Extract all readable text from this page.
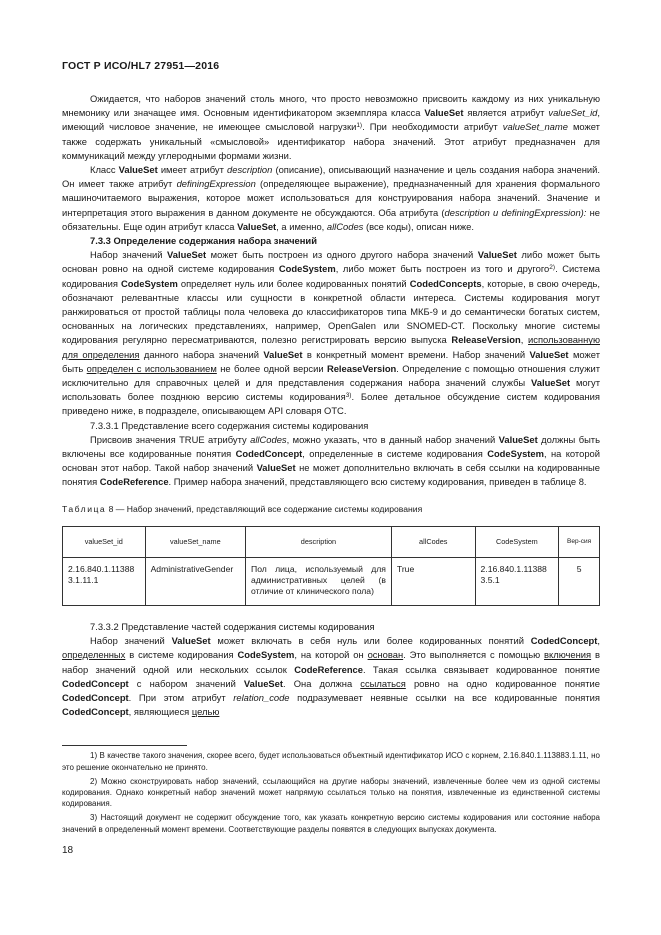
ГОСТ Р ИСО/HL7 27951—2016

Ожидается, что наборов значений столь много, что просто невозможно присвоить каждому из них уникальную мнемонику или значащее имя. Основным идентификатором экземпляра класса ValueSet является атрибут valueSet_id, имеющий числовое значение, не имеющее смысловой нагрузки$^{1)}$. При необходимости атрибут valueSet_name может также содержать уникальный «смысловой» идентификатор набора значений. Этот атрибут предназначен для коммуникаций между углеродными формами жизни.

Класс ValueSet имеет атрибут description (описание), описывающий назначение и цель создания набора значений. Он имеет также атрибут definingExpression (определяющее выражение), предназначенный для хранения формального машиночитаемого выражения, которое может использоваться для конструирования набора значений. Значение и интерпретация этого выражения в данном документе не обсуждаются. Оба атрибута (description и definingExpression): не обязательны. Еще один атрибут класса ValueSet, а именно, allCodes (все коды), описан ниже.

7.3.3 Определение содержания набора значений

Набор значений ValueSet может быть построен из одного другого набора значений ValueSet либо может быть основан ровно на одной системе кодирования CodeSystem, либо может быть построен из того и другого$^{2)}$. Система кодирования CodeSystem определяет нуль или более кодированных понятий CodedConcepts, которые, в свою очередь, обозначают релевантные классы или сущности в конкретной области интереса. Системы кодирования могут ранжироваться от простой таблицы пола человека до классификаторов типа МКБ-9 и до семантически богатых систем, основанных на логических представлениях, например, OpenGalen или SNOMED-CT. Поскольку многие системы кодирования регулярно пересматриваются, полезно регистрировать версию выпуска ReleaseVersion, использованную для определения данного набора значений ValueSet в конкретный момент времени. Набор значений ValueSet может быть определен с использованием не более одной версии ReleaseVersion. Определение с помощью отношения служит исключительно для справочных целей и для представления содержания набора значений службы ValueSet могут использовать более позднюю версию системы кодирования$^{3)}$. Более детальное обсуждение систем кодирования приведено ниже, в подразделе, описывающем API словаря ОТС.

7.3.3.1 Представление всего содержания системы кодирования

Присвоив значения TRUE атрибуту allCodes, можно указать, что в данный набор значений ValueSet должны быть включены все кодированные понятия CodedConcept, определенные в системе кодирования CodeSystem, на которой основан этот набор. Такой набор значений ValueSet не может дополнительно включать в себя ссылки на кодированные понятия CodeReference. Пример набора значений, представляющего всю систему кодирования, приведен в таблице 8.

Таблица 8 — Набор значений, представляющий все содержание системы кодирования

valueSet_id	valueSet_name	description	allCodes	CodeSystem	Вер-сия
2.16.840.1.113883.1.11.1	AdministrativeGender	Пол лица, используемый для административных целей (в отличие от клинического пола)	True	2.16.840.1.113883.5.1	5

7.3.3.2 Представление частей содержания системы кодирования

Набор значений ValueSet может включать в себя нуль или более кодированных понятий CodedConcept, определенных в системе кодирования CodeSystem, на которой он основан. Это выполняется с помощью включения в набор значений одной или нескольких ссылок CodeReference. Такая ссылка связывает кодированное понятие CodedConcept с набором значений ValueSet. Она должна ссылаться ровно на одно кодированное понятие CodedConcept. При этом атрибут relation_code подразумевает неявные ссылки на все кодированные понятия CodedConcept, являющиеся целью

1) В качестве такого значения, скорее всего, будет использоваться объектный идентификатор ИСО с корнем, 2.16.840.1.113883.1.11, но это решение окончательно не принято.

2) Можно сконструировать набор значений, ссылающийся на другие наборы значений, извлеченные более чем из одной системы кодирования. Однако конкретный набор значений может напрямую ссылаться только на понятия, извлеченные из единственной системы кодирования.

3) Настоящий документ не содержит обсуждение того, как указать конкретную версию системы кодирования или состояние набора значений в определенный момент времени. Соответствующие разделы появятся в следующих выпусках документа.

18
